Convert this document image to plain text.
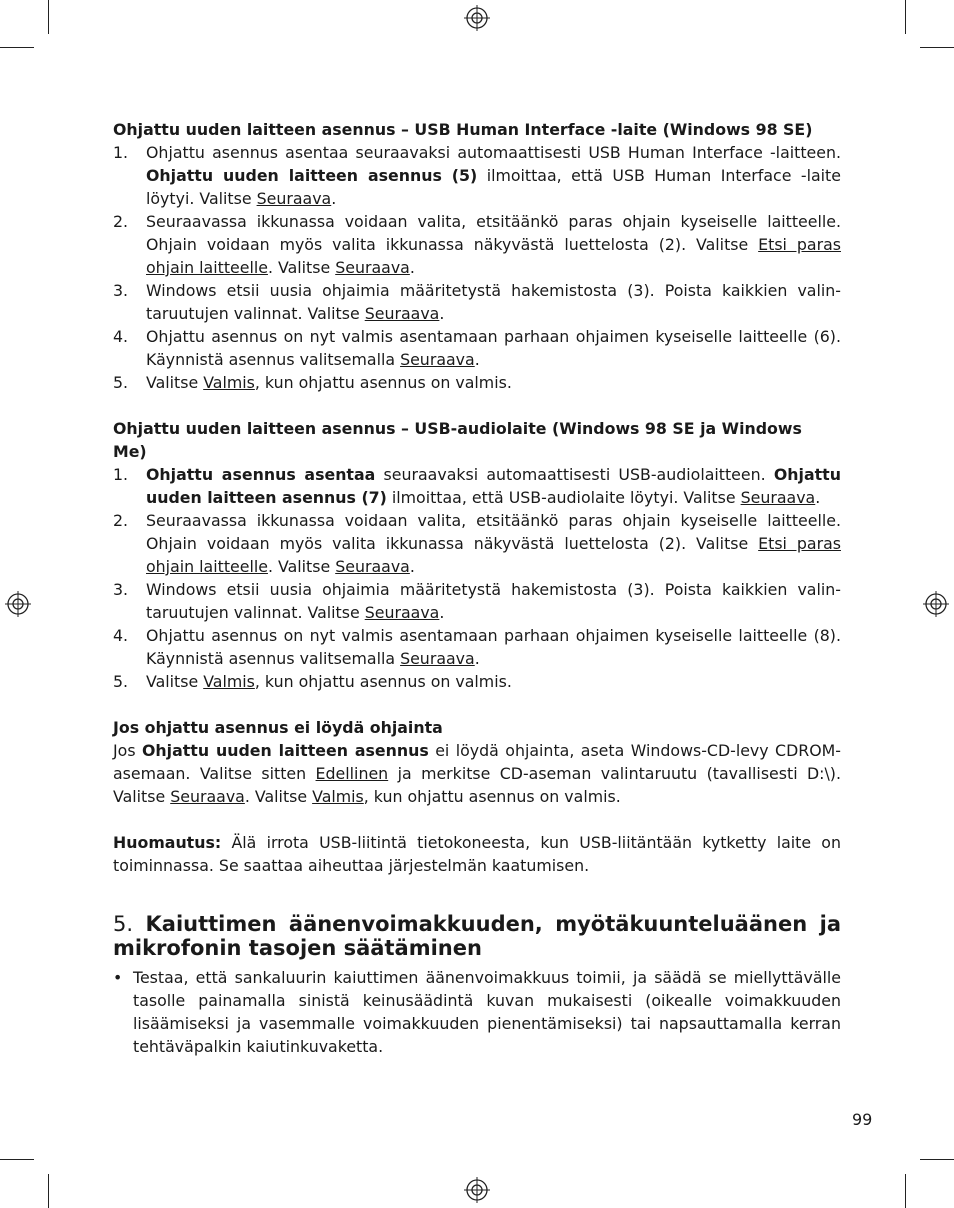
Ohjattu uuden laitteen asennus – USB Human Interface -laite (Windows 98 SE)
1. Ohjattu asennus asentaa seuraavaksi automaattisesti USB Human Interface -laitteen. Ohjattu uuden laitteen asennus (5) ilmoittaa, että USB Human Interface -laite löytyi. Valitse Seuraava.
2. Seuraavassa ikkunassa voidaan valita, etsitäänkö paras ohjain kyseiselle laitteelle. Ohjain voidaan myös valita ikkunassa näkyvästä luettelosta (2). Valitse Etsi paras ohjain laitteelle. Valitse Seuraava.
3. Windows etsii uusia ohjaimia määritetystä hakemistosta (3). Poista kaikkien valintaruutujen valinnat. Valitse Seuraava.
4. Ohjattu asennus on nyt valmis asentamaan parhaan ohjaimen kyseiselle laitteelle (6). Käynnistä asennus valitsemalla Seuraava.
5. Valitse Valmis, kun ohjattu asennus on valmis.
Ohjattu uuden laitteen asennus – USB-audiolaite (Windows 98 SE ja Windows Me)
1. Ohjattu asennus asentaa seuraavaksi automaattisesti USB-audiolaitteen. Ohjattu uuden laitteen asennus (7) ilmoittaa, että USB-audiolaite löytyi. Valitse Seuraava.
2. Seuraavassa ikkunassa voidaan valita, etsitäänkö paras ohjain kyseiselle laitteelle. Ohjain voidaan myös valita ikkunassa näkyvästä luettelosta (2). Valitse Etsi paras ohjain laitteelle. Valitse Seuraava.
3. Windows etsii uusia ohjaimia määritetystä hakemistosta (3). Poista kaikkien valintaruutujen valinnat. Valitse Seuraava.
4. Ohjattu asennus on nyt valmis asentamaan parhaan ohjaimen kyseiselle laitteelle (8). Käynnistä asennus valitsemalla Seuraava.
5. Valitse Valmis, kun ohjattu asennus on valmis.
Jos ohjattu asennus ei löydä ohjainta

Jos Ohjattu uuden laitteen asennus ei löydä ohjainta, aseta Windows-CD-levy CDROM-asemaan. Valitse sitten Edellinen ja merkitse CD-aseman valintaruutu (tavallisesti D:\). Valitse Seuraava. Valitse Valmis, kun ohjattu asennus on valmis.

Huomautus: Älä irrota USB-liitintä tietokoneesta, kun USB-liitäntään kytketty laite on toiminnassa. Se saattaa aiheuttaa järjestelmän kaatumisen.

5. Kaiuttimen äänenvoimakkuuden, myötäkuunteluäänen ja mikrofonin tasojen säätäminen
• Testaa, että sankaluurin kaiuttimen äänenvoimakkuus toimii, ja säädä se miellyttävälle tasolle painamalla sinistä keinusäädintä kuvan mukaisesti (oikealle voimakkuuden lisäämiseksi ja vasemmalle voimakkuuden pienentämiseksi) tai napsauttamalla kerran tehtäväpalkin kaiutinkuvaketta.
99
